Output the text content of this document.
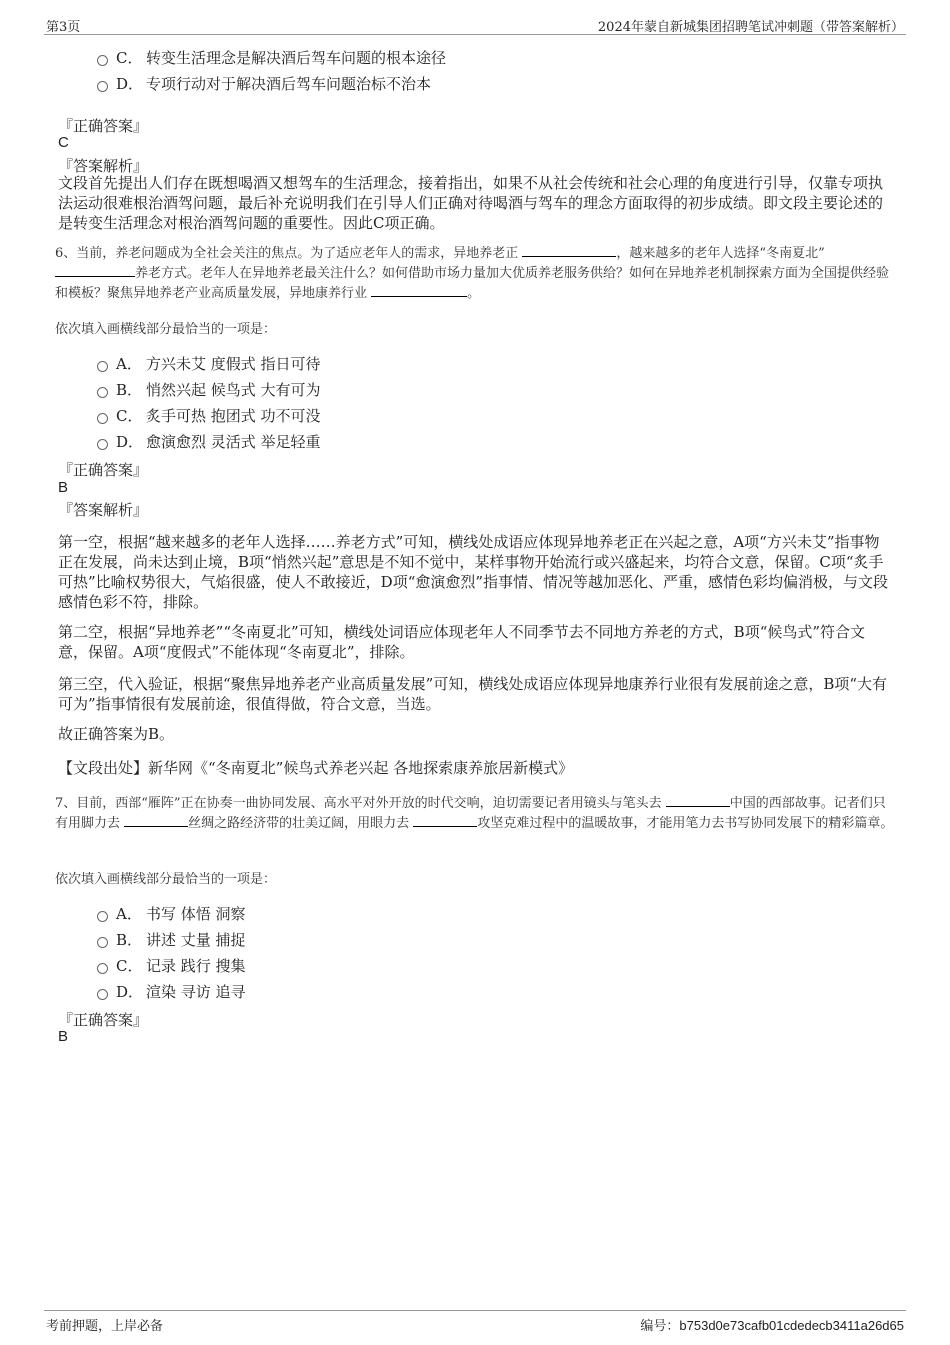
第3页	2024年蒙自新城集团招聘笔试冲刺题（带答案解析）
C． 转变生活理念是解决酒后驾车问题的根本途径
D． 专项行动对于解决酒后驾车问题治标不治本
『正确答案』
C
『答案解析』
文段首先提出人们存在既想喝酒又想驾车的生活理念，接着指出，如果不从社会传统和社会心理的角度进行引导，仅靠专项执法运动很难根治酒驾问题，最后补充说明我们在引导人们正确对待喝酒与驾车的理念方面取得的初步成绩。即文段主要论述的是转变生活理念对根治酒驾问题的重要性。因此C项正确。
6、当前，养老问题成为全社会关注的焦点。为了适应老年人的需求，异地养老正	，越来越多的老年人选择“冬南夏北” 养老方式。老年人在异地养老最关注什么？如何借助市场力量加大优质养老服务供给？如何在异地养老机制探索方面为全国提供经验和模板？聚焦异地养老产业高质量发展，异地康养行业	。
依次填入画横线部分最恰当的一项是：
A． 方兴未艾 度假式 指日可待
B． 悄然兴起 候鸟式 大有可为
C． 炙手可热 抱团式 功不可没
D． 愈演愈烈 灵活式 举足轻重
『正确答案』
B
『答案解析』
第一空，根据“越来越多的老年人选择……养老方式”可知，横线处成语应体现异地养老正在兴起之意，A项“方兴未艾”指事物正在发展，尚未达到止境，B项“悄然兴起”意思是不知不觉中，某样事物开始流行或兴盛起来，均符合文意，保留。C项“炙手可热”比喻权势很大，气焰很盛，使人不敢接近，D项“愈演愈烈”指事情、情况等越加恶化、严重，感情色彩均偏消极，与文段感情色彩不符，排除。
第二空，根据“异地养老”“冬南夏北”可知，横线处词语应体现老年人不同季节去不同地方养老的方式，B项“候鸟式”符合文意，保留。A项“度假式”不能体现“冬南夏北”，排除。
第三空，代入验证，根据“聚焦异地养老产业高质量发展”可知，横线处成语应体现异地康养行业很有发展前途之意，B项“大有可为”指事情很有发展前途，很值得做，符合文意，当选。
故正确答案为B。
【文段出处】新华网《“冬南夏北”候鸟式养老兴起 各地探索康养旅居新模式》
7、目前，西部“雁阵”正在协奏一曲协同发展、高水平对外开放的时代交响，迫切需要记者用镜头与笔头去	中国的西部故事。记者们只有用脚力去	丝绸之路经济带的壮美辽阔，用眼力去	攻坚克难过程中的温暖故事，才能用笔力去书写协同发展下的精彩篇章。
依次填入画横线部分最恰当的一项是：
A． 书写 体悟 洞察
B． 讲述 丈量 捕捉
C． 记录 践行 搜集
D． 渲染 寻访 追寻
『正确答案』
B
考前押题，上岸必备	编号：b753d0e73cafb01cdedecb3411a26d65
